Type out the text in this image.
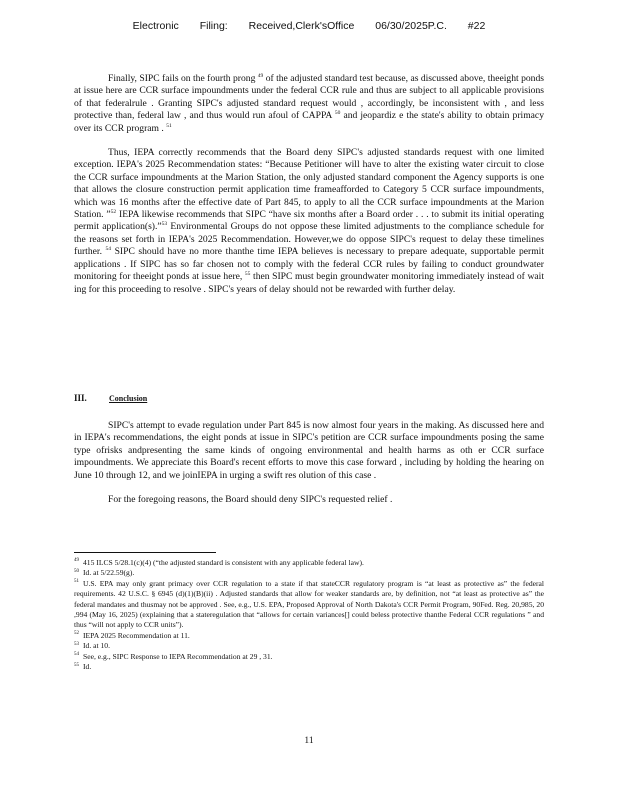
Electronic Filing: Received,Clerk'sOffice 06/30/2025P.C. #22

Finally, SIPC fails on the fourth prong $^{49}$ of the adjusted standard test because, as discussed above, theeight ponds at issue here are CCR surface impoundments under the federal CCR rule and thus are subject to all applicable provisions of that federalrule . Granting SIPC's adjusted standard request would , accordingly, be inconsistent with , and less protective than, federal law , and thus would run afoul of CAPPA $^{50}$ and jeopardiz e the state's ability to obtain primacy over its CCR program . $^{51}$

Thus, IEPA correctly recommends that the Board deny SIPC's adjusted standards request with one limited exception. IEPA's 2025 Recommendation states: “Because Petitioner will have to alter the existing water circuit to close the CCR surface impoundments at the Marion Station, the only adjusted standard component the Agency supports is one that allows the closure construction permit application time frameafforded to Category 5 CCR surface impoundments, which was 16 months after the effective date of Part 845, to apply to all the CCR surface impoundments at the Marion Station. ”$^{52}$ IEPA likewise recommends that SIPC “have six months after a Board order . . . to submit its initial operating permit application(s).”$^{53}$ Environmental Groups do not oppose these limited adjustments to the compliance schedule for the reasons set forth in IEPA's 2025 Recommendation. However,we do oppose SIPC's request to delay these timelines further. $^{54}$ SIPC should have no more thanthe time IEPA believes is necessary to prepare adequate, supportable permit applications . If SIPC has so far chosen not to comply with the federal CCR rules by failing to conduct groundwater monitoring for theeight ponds at issue here, $^{55}$ then SIPC must begin groundwater monitoring immediately instead of wait ing for this proceeding to resolve . SIPC's years of delay should not be rewarded with further delay.

III.	Conclusion

SIPC's attempt to evade regulation under Part 845 is now almost four years in the making. As discussed here and in IEPA's recommendations, the eight ponds at issue in SIPC's petition are CCR surface impoundments posing the same type ofrisks andpresenting the same kinds of ongoing environmental and health harms as oth er CCR surface impoundments. We appreciate this Board's recent efforts to move this case forward , including by holding the hearing on June 10 through 12, and we joinIEPA in urging a swift res olution of this case .

For the foregoing reasons, the Board should deny SIPC's requested relief .

$^{49}$ 415 ILCS 5/28.1(c)(4) (“the adjusted standard is consistent with any applicable federal law).

$^{50}$ Id. at 5/22.59(g).

$^{51}$ U.S. EPA may only grant primacy over CCR regulation to a state if that stateCCR regulatory program is “at least as protective as” the federal requirements. 42 U.S.C. § 6945 (d)(1)(B)(ii) . Adjusted standards that allow for weaker standards are, by definition, not “at least as protective as” the federal mandates and thusmay not be approved . See, e.g., U.S. EPA, Proposed Approval of North Dakota's CCR Permit Program, 90Fed. Reg. 20,985, 20 ,994 (May 16, 2025) (explaining that a stateregulation that “allows for certain variances[] could beless protective thanthe Federal CCR regulations ” and thus “will not apply to CCR units”).

$^{52}$ IEPA 2025 Recommendation at 11.

$^{53}$ Id. at 10.

$^{54}$ See, e.g., SIPC Response to IEPA Recommendation at 29 , 31.

$^{55}$ Id.

11
